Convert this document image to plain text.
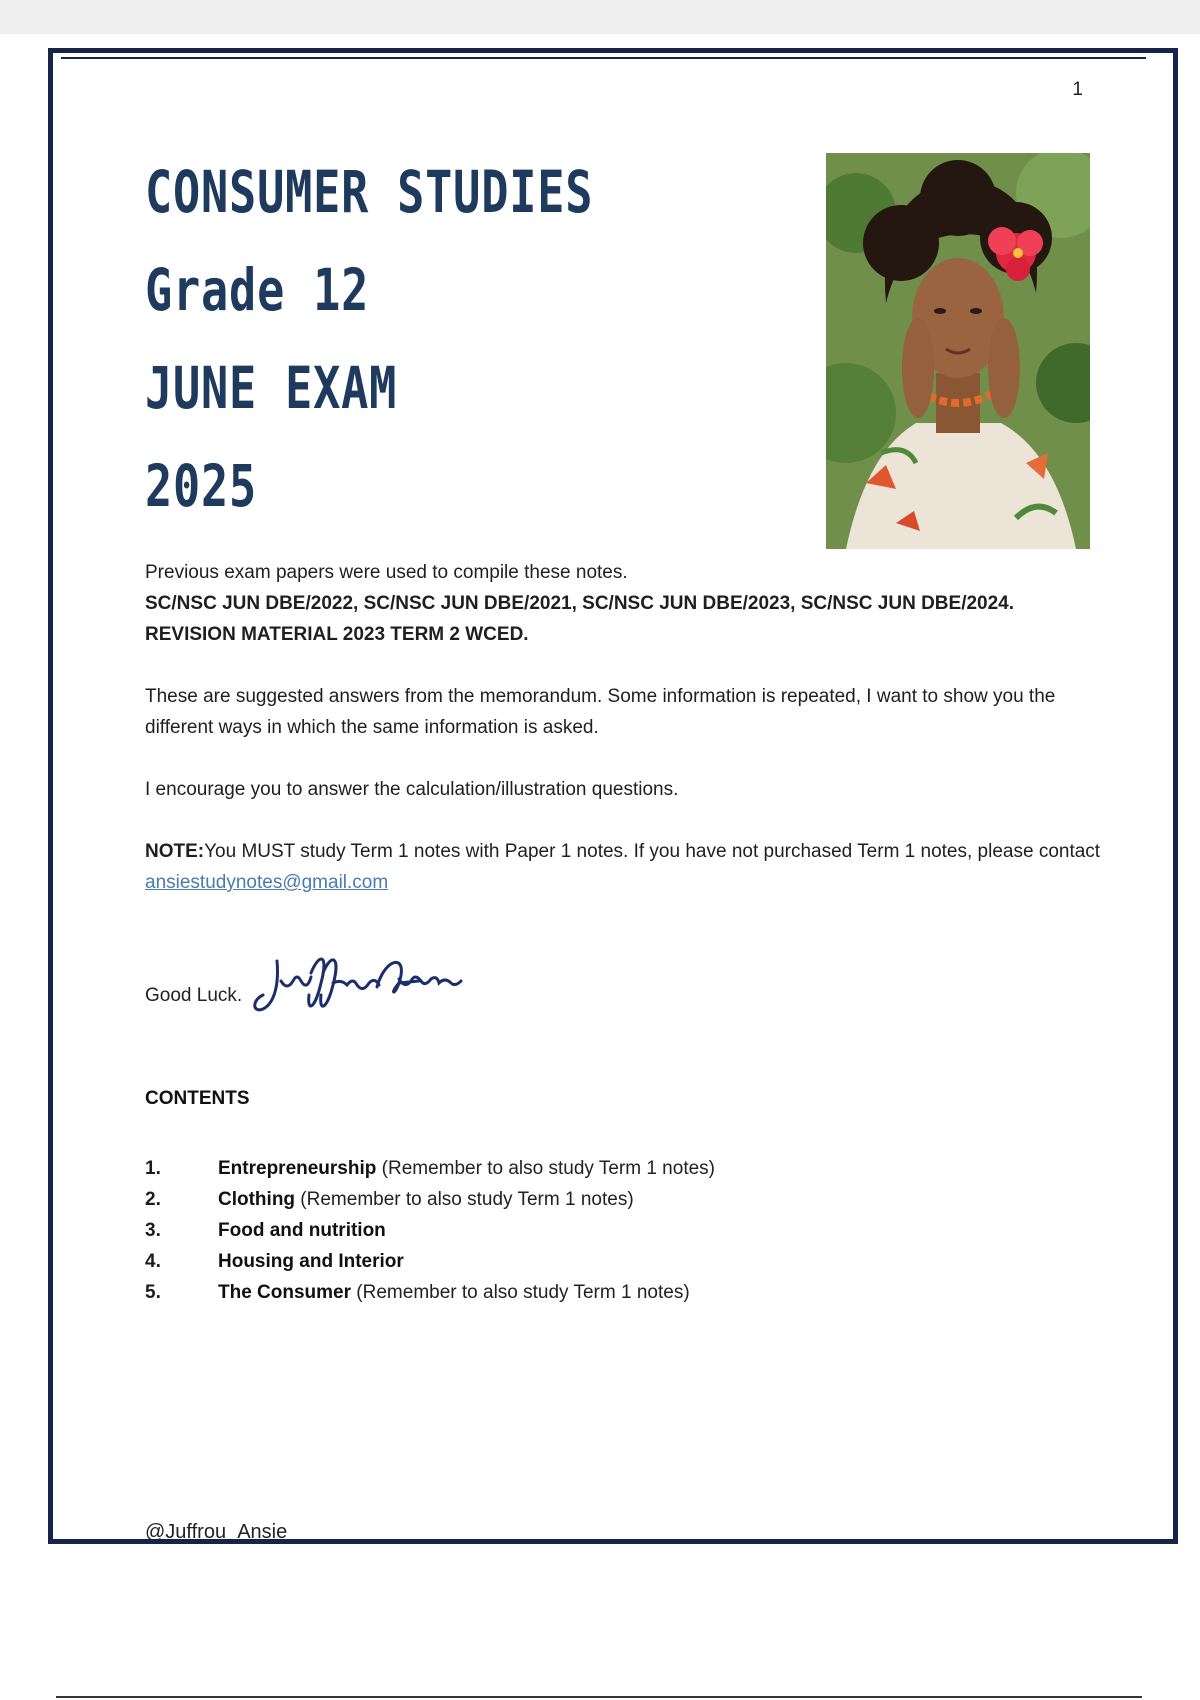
1
CONSUMER STUDIES
Grade 12
JUNE EXAM
2025

Previous exam papers were used to compile these notes.

SC/NSC JUN DBE/2022, SC/NSC JUN DBE/2021, SC/NSC JUN DBE/2023, SC/NSC JUN DBE/2024. REVISION MATERIAL 2023 TERM 2 WCED.

These are suggested answers from the memorandum. Some information is repeated, I want to show you the different ways in which the same information is asked.

I encourage you to answer the calculation/illustration questions.

NOTE:You MUST study Term 1 notes with Paper 1 notes. If you have not purchased Term 1 notes, please contact ansiestudynotes@gmail.com

Good Luck.
CONTENTS
1.	Entrepreneurship (Remember to also study Term 1 notes)
2.	Clothing (Remember to also study Term 1 notes)
3.	Food and nutrition
4.	Housing and Interior
5.	The Consumer (Remember to also study Term 1 notes)
@Juffrou_Ansie
